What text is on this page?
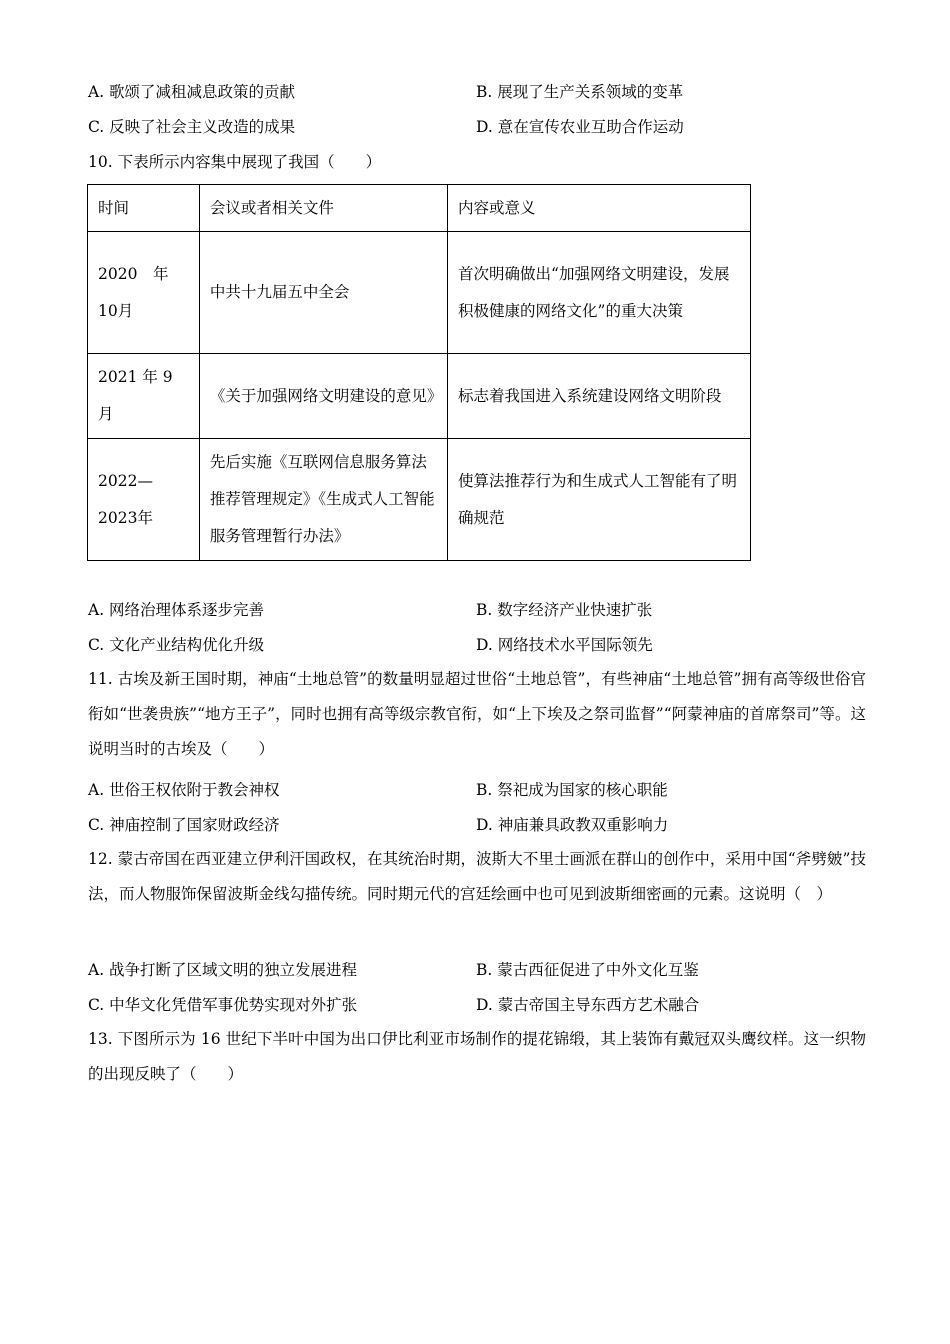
A. 歌颂了减租减息政策的贡献	B. 展现了生产关系领域的变革
C. 反映了社会主义改造的成果	D. 意在宣传农业互助合作运动
10. 下表所示内容集中展现了我国（　　）
时间	会议或者相关文件	内容或意义
2020　年　10月	中共十九届五中全会	首次明确做出“加强网络文明建设，发展积极健康的网络文化”的重大决策
2021 年 9 月	《关于加强网络文明建设的意见》	标志着我国进入系统建设网络文明阶段
2022—2023年	先后实施《互联网信息服务算法推荐管理规定》《生成式人工智能服务管理暂行办法》	使算法推荐行为和生成式人工智能有了明确规范
A. 网络治理体系逐步完善	B. 数字经济产业快速扩张
C. 文化产业结构优化升级	D. 网络技术水平国际领先
11. 古埃及新王国时期，神庙“土地总管”的数量明显超过世俗“土地总管”，有些神庙“土地总管”拥有高等级世俗官衔如“世袭贵族”“地方王子”，同时也拥有高等级宗教官衔，如“上下埃及之祭司监督”“阿蒙神庙的首席祭司”等。这说明当时的古埃及（　　）
A. 世俗王权依附于教会神权	B. 祭祀成为国家的核心职能
C. 神庙控制了国家财政经济	D. 神庙兼具政教双重影响力
12. 蒙古帝国在西亚建立伊利汗国政权，在其统治时期，波斯大不里士画派在群山的创作中，采用中国“斧劈皴”技法，而人物服饰保留波斯金线勾描传统。同时期元代的宫廷绘画中也可见到波斯细密画的元素。这说明（　）
A. 战争打断了区域文明的独立发展进程	B. 蒙古西征促进了中外文化互鉴
C. 中华文化凭借军事优势实现对外扩张	D. 蒙古帝国主导东西方艺术融合
13. 下图所示为 16 世纪下半叶中国为出口伊比利亚市场制作的提花锦缎，其上装饰有戴冠双头鹰纹样。这一织物的出现反映了（　　）
